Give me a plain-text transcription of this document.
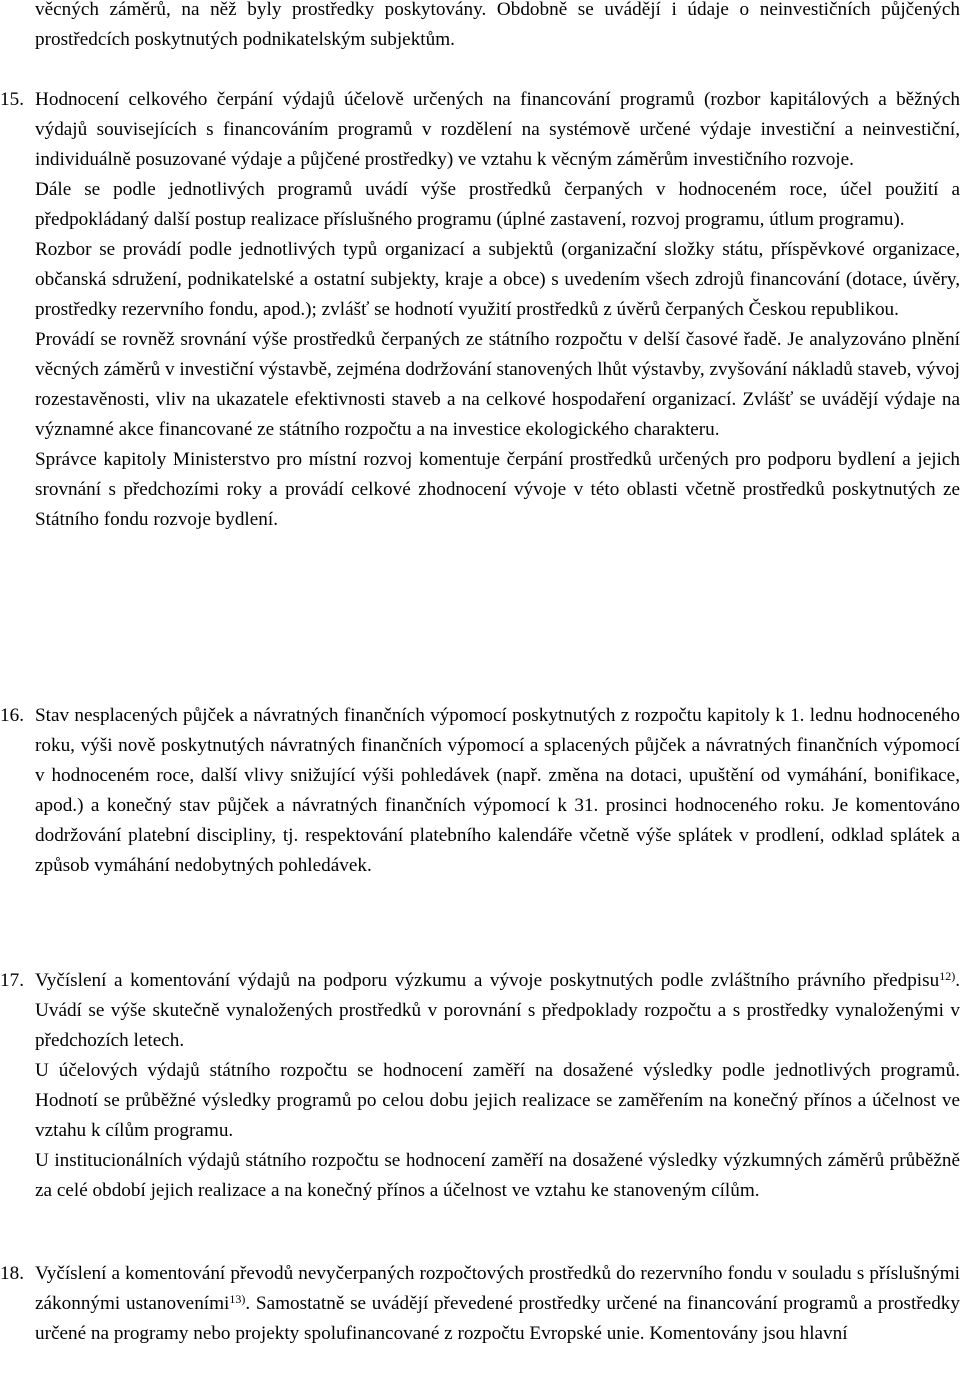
věcných záměrů, na něž byly prostředky poskytovány. Obdobně se uvádějí i údaje o neinvestičních půjčených prostředcích poskytnutých podnikatelským subjektům.

15. Hodnocení celkového čerpání výdajů účelově určených na financování programů (rozbor kapitálových a běžných výdajů souvisejících s financováním programů v rozdělení na systémově určené výdaje investiční a neinvestiční, individuálně posuzované výdaje a půjčené prostředky) ve vztahu k věcným záměrům investičního rozvoje.

Dále se podle jednotlivých programů uvádí výše prostředků čerpaných v hodnoceném roce, účel použití a předpokládaný další postup realizace příslušného programu (úplné zastavení, rozvoj programu, útlum programu).

Rozbor se provádí podle jednotlivých typů organizací a subjektů (organizační složky státu, příspěvkové organizace, občanská sdružení, podnikatelské a ostatní subjekty, kraje a obce) s uvedením všech zdrojů financování (dotace, úvěry, prostředky rezervního fondu, apod.); zvlášť se hodnotí využití prostředků z úvěrů čerpaných Českou republikou.

Provádí se rovněž srovnání výše prostředků čerpaných ze státního rozpočtu v delší časové řadě. Je analyzováno plnění věcných záměrů v investiční výstavbě, zejména dodržování stanovených lhůt výstavby, zvyšování nákladů staveb, vývoj rozestavěnosti, vliv na ukazatele efektivnosti staveb a na celkové hospodaření organizací. Zvlášť se uvádějí výdaje na významné akce financované ze státního rozpočtu a na investice ekologického charakteru.

Správce kapitoly Ministerstvo pro místní rozvoj komentuje čerpání prostředků určených pro podporu bydlení a jejich srovnání s předchozími roky a provádí celkové zhodnocení vývoje v této oblasti včetně prostředků poskytnutých ze Státního fondu rozvoje bydlení.

16. Stav nesplacených půjček a návratných finančních výpomocí poskytnutých z rozpočtu kapitoly k 1. lednu hodnoceného roku, výši nově poskytnutých návratných finančních výpomocí a splacených půjček a návratných finančních výpomocí v hodnoceném roce, další vlivy snižující výši pohledávek (např. změna na dotaci, upuštění od vymáhání, bonifikace, apod.) a konečný stav půjček a návratných finančních výpomocí k 31. prosinci hodnoceného roku. Je komentováno dodržování platební discipliny, tj. respektování platebního kalendáře včetně výše splátek v prodlení, odklad splátek a způsob vymáhání nedobytných pohledávek.

17. Vyčíslení a komentování výdajů na podporu výzkumu a vývoje poskytnutých podle zvláštního právního předpisu$^{12)}$. Uvádí se výše skutečně vynaložených prostředků v porovnání s předpoklady rozpočtu a s prostředky vynaloženými v předchozích letech.

U účelových výdajů státního rozpočtu se hodnocení zaměří na dosažené výsledky podle jednotlivých programů. Hodnotí se průběžné výsledky programů po celou dobu jejich realizace se zaměřením na konečný přínos a účelnost ve vztahu k cílům programu.

U institucionálních výdajů státního rozpočtu se hodnocení zaměří na dosažené výsledky výzkumných záměrů průběžně za celé období jejich realizace a na konečný přínos a účelnost ve vztahu ke stanoveným cílům.

18. Vyčíslení a komentování převodů nevyčerpaných rozpočtových prostředků do rezervního fondu v souladu s příslušnými zákonnými ustanoveními$^{13)}$. Samostatně se uvádějí převedené prostředky určené na financování programů a prostředky určené na programy nebo projekty spolufinancované z rozpočtu Evropské unie. Komentovány jsou hlavní
